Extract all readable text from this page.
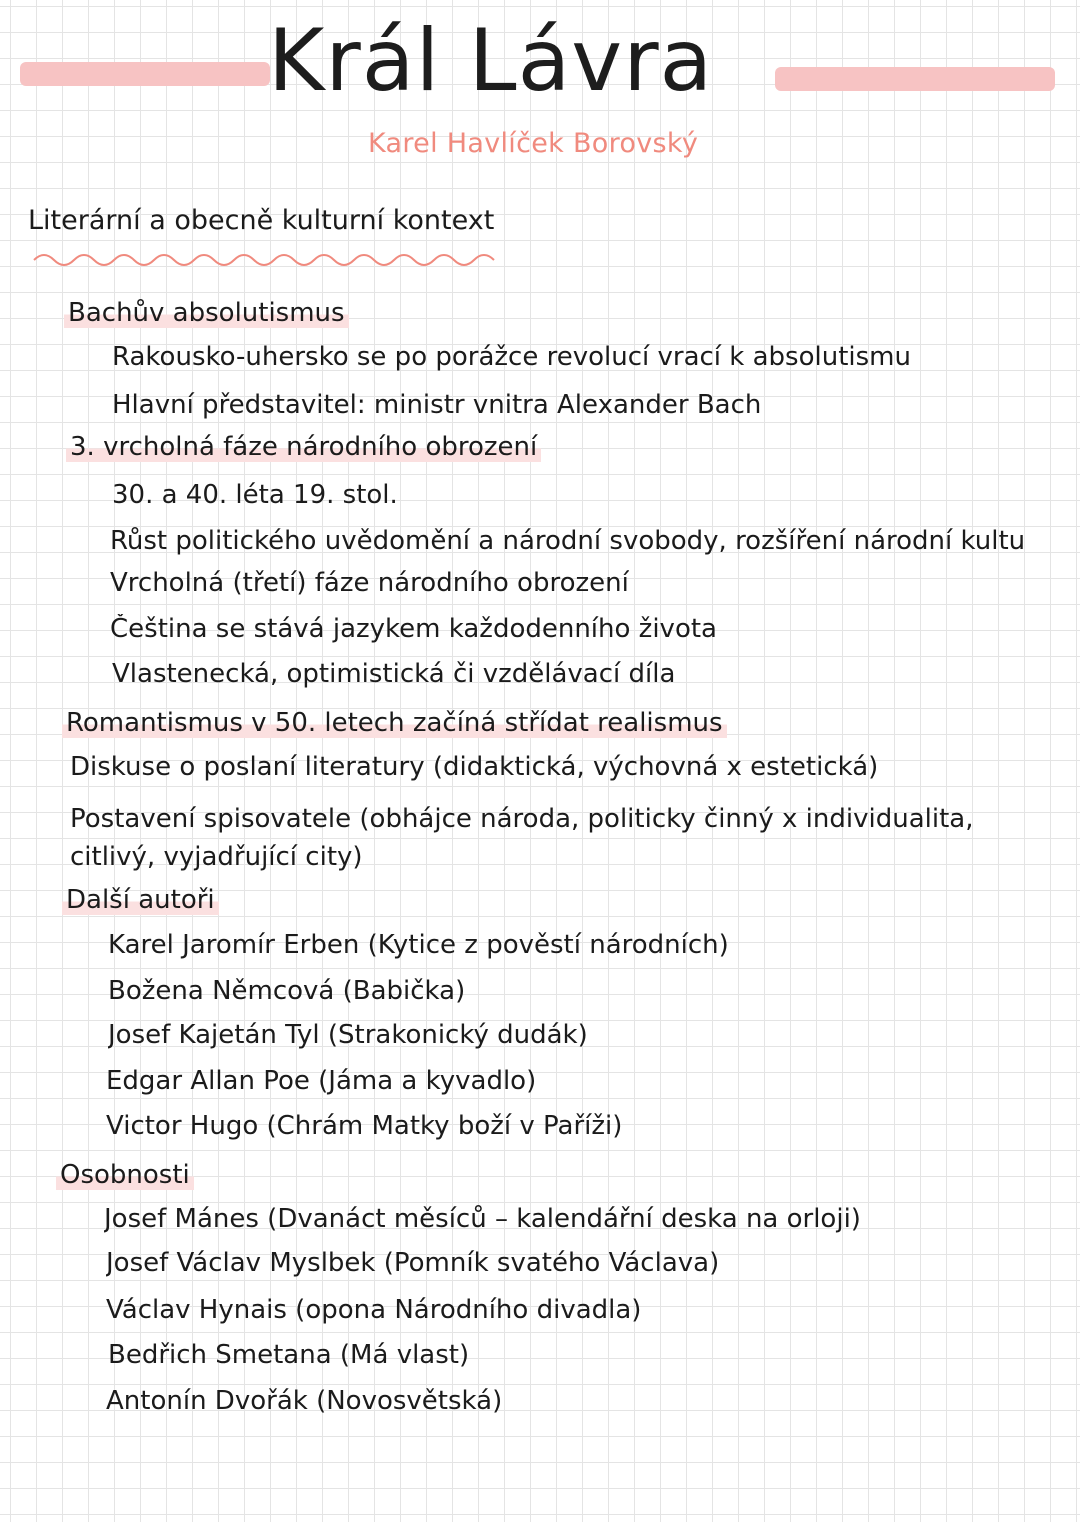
Král Lávra
Karel Havlíček Borovský
Literární a obecně kulturní kontext
Bachův absolutismus
Rakousko-uhersko se po porážce revolucí vrací k absolutismu
Hlavní představitel: ministr vnitra Alexander Bach
3. vrcholná fáze národního obrození
30. a 40. léta 19. stol.
Růst politického uvědomění a národní svobody, rozšíření národní kultu
Vrcholná (třetí) fáze národního obrození
Čeština se stává jazykem každodenního života
Vlastenecká, optimistická či vzdělávací díla
Romantismus v 50. letech začíná střídat realismus
Diskuse o poslaní literatury (didaktická, výchovná x estetická)
Postavení spisovatele (obhájce národa, politicky činný x individualita,
citlivý, vyjadřující city)
Další autoři
Karel Jaromír Erben (Kytice z pověstí národních)
Božena Němcová (Babička)
Josef Kajetán Tyl (Strakonický dudák)
Edgar Allan Poe (Jáma a kyvadlo)
Victor Hugo (Chrám Matky boží v Paříži)
Osobnosti
Josef Mánes (Dvanáct měsíců – kalendářní deska na orloji)
Josef Václav Myslbek (Pomník svatého Václava)
Václav Hynais (opona Národního divadla)
Bedřich Smetana (Má vlast)
Antonín Dvořák (Novosvětská)
